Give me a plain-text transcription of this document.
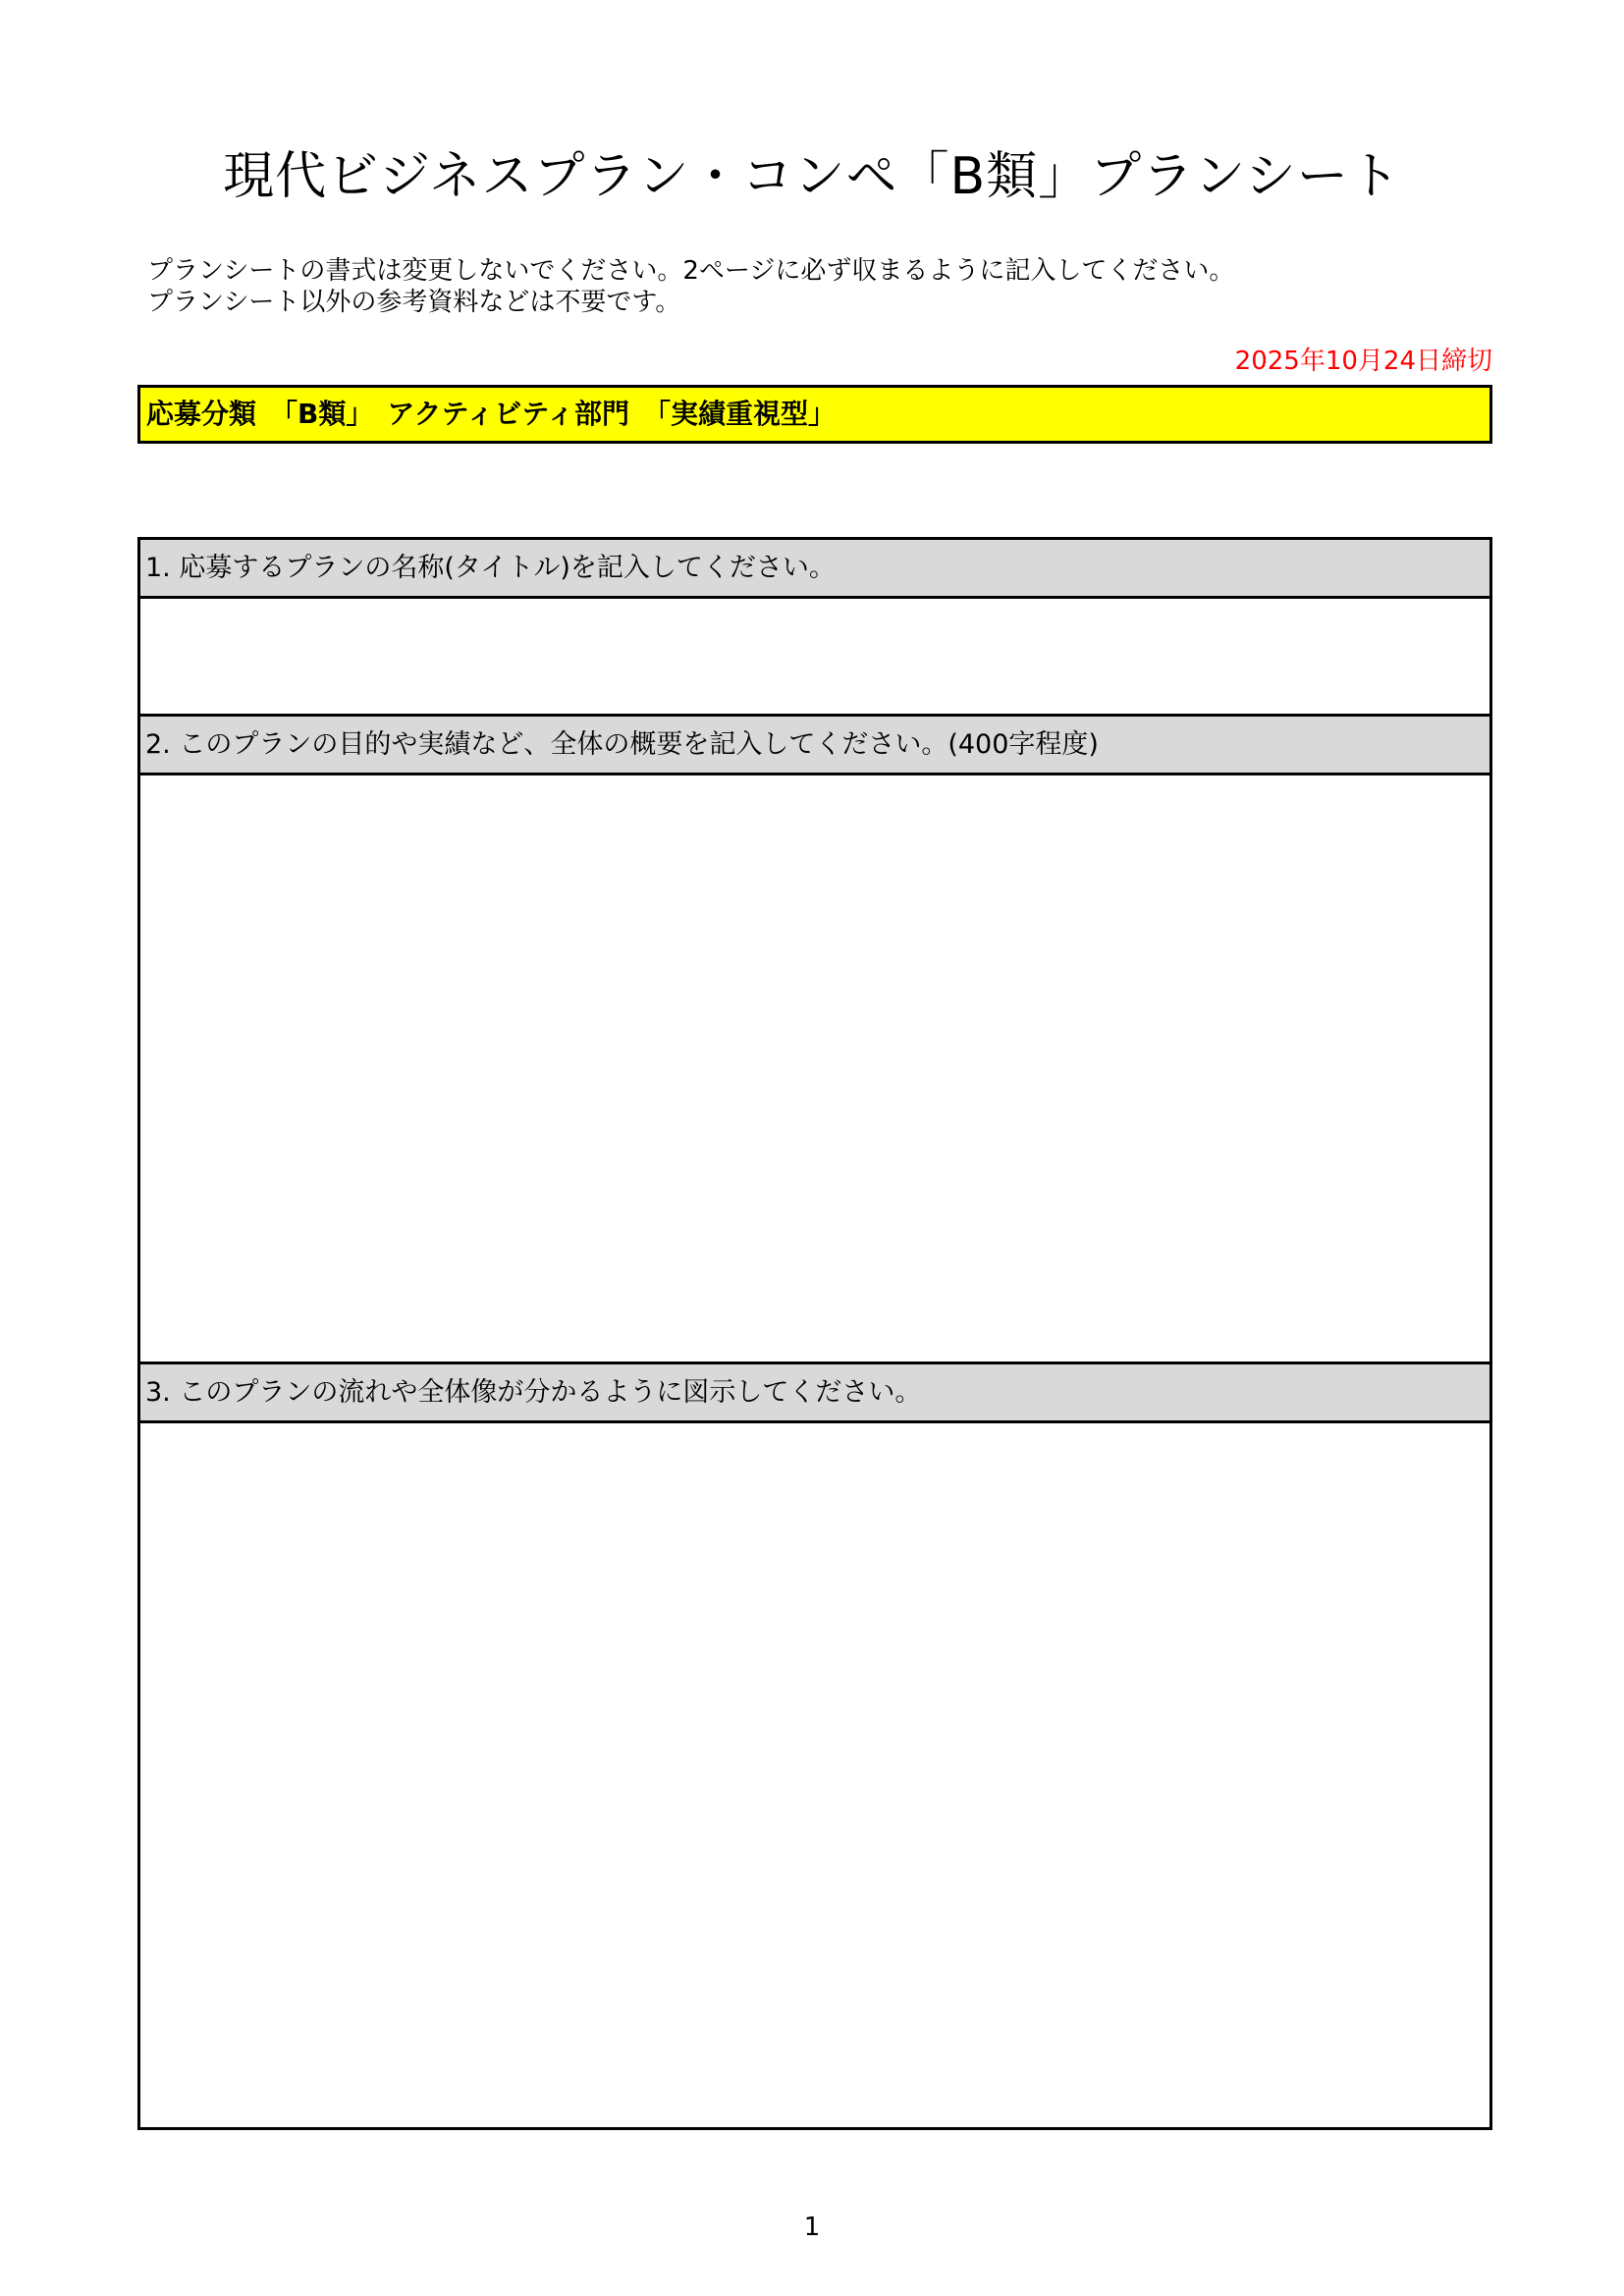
現代ビジネスプラン・コンペ「B類」プランシート
プランシートの書式は変更しないでください。2ページに必ず収まるように記入してください。
プランシート以外の参考資料などは不要です。
2025年10月24日締切
応募分類　「B類」　アクティビティ部門　「実績重視型」
1. 応募するプランの名称(タイトル)を記入してください。
2. このプランの目的や実績など、全体の概要を記入してください。(400字程度)
3. このプランの流れや全体像が分かるように図示してください。
1
